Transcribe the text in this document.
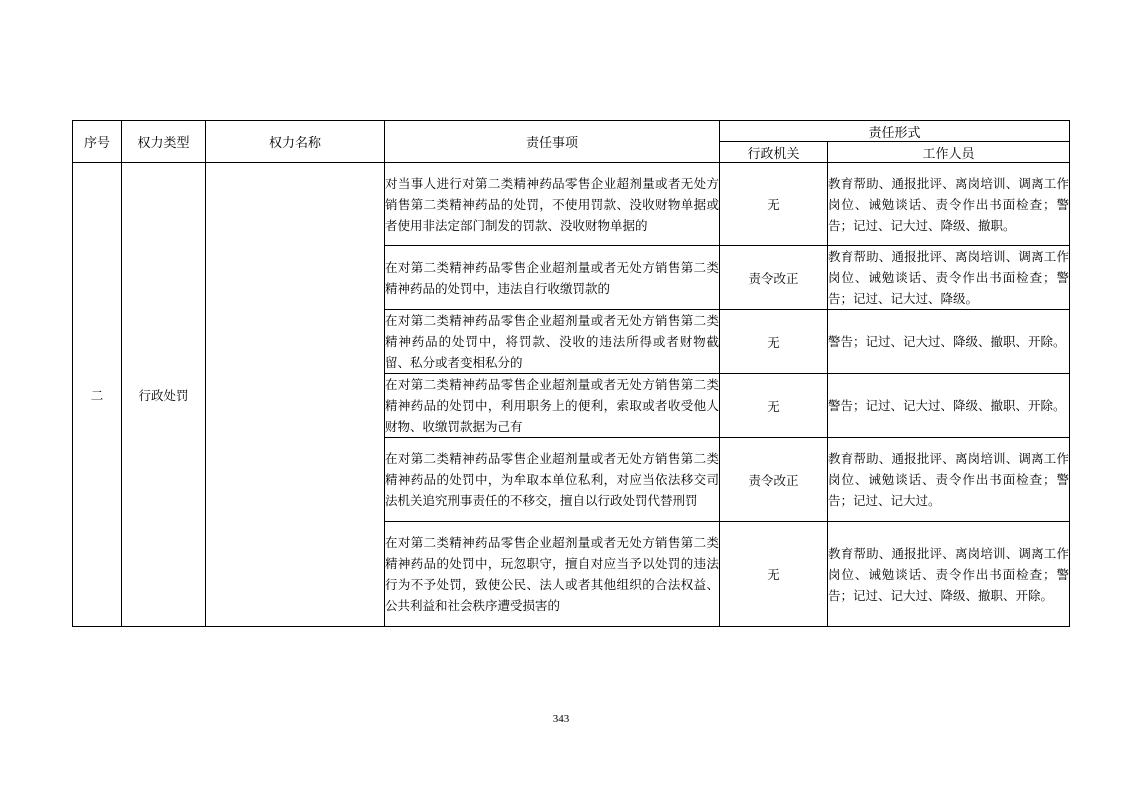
序号	权力类型	权力名称	责任事项	责任形式	
				行政机关	工作人员
二	行政处罚		对当事人进行对第二类精神药品零售企业超剂量或者无处方销售第二类精神药品的处罚，不使用罚款、没收财物单据或者使用非法定部门制发的罚款、没收财物单据的	无	教育帮助、通报批评、离岗培训、调离工作岗位、诫勉谈话、责令作出书面检查；警告；记过、记大过、降级、撤职。
			在对第二类精神药品零售企业超剂量或者无处方销售第二类精神药品的处罚中，违法自行收缴罚款的	责令改正	教育帮助、通报批评、离岗培训、调离工作岗位、诫勉谈话、责令作出书面检查；警告；记过、记大过、降级。
			在对第二类精神药品零售企业超剂量或者无处方销售第二类精神药品的处罚中，将罚款、没收的违法所得或者财物截留、私分或者变相私分的	无	警告；记过、记大过、降级、撤职、开除。
			在对第二类精神药品零售企业超剂量或者无处方销售第二类精神药品的处罚中，利用职务上的便利，索取或者收受他人财物、收缴罚款据为己有	无	警告；记过、记大过、降级、撤职、开除。
			在对第二类精神药品零售企业超剂量或者无处方销售第二类精神药品的处罚中，为牟取本单位私利，对应当依法移交司法机关追究刑事责任的不移交，擅自以行政处罚代替刑罚	责令改正	教育帮助、通报批评、离岗培训、调离工作岗位、诫勉谈话、责令作出书面检查；警告；记过、记大过。
			在对第二类精神药品零售企业超剂量或者无处方销售第二类精神药品的处罚中，玩忽职守，擅自对应当予以处罚的违法行为不予处罚，致使公民、法人或者其他组织的合法权益、公共利益和社会秩序遭受损害的	无	教育帮助、通报批评、离岗培训、调离工作岗位、诫勉谈话、责令作出书面检查；警告；记过、记大过、降级、撤职、开除。
343
